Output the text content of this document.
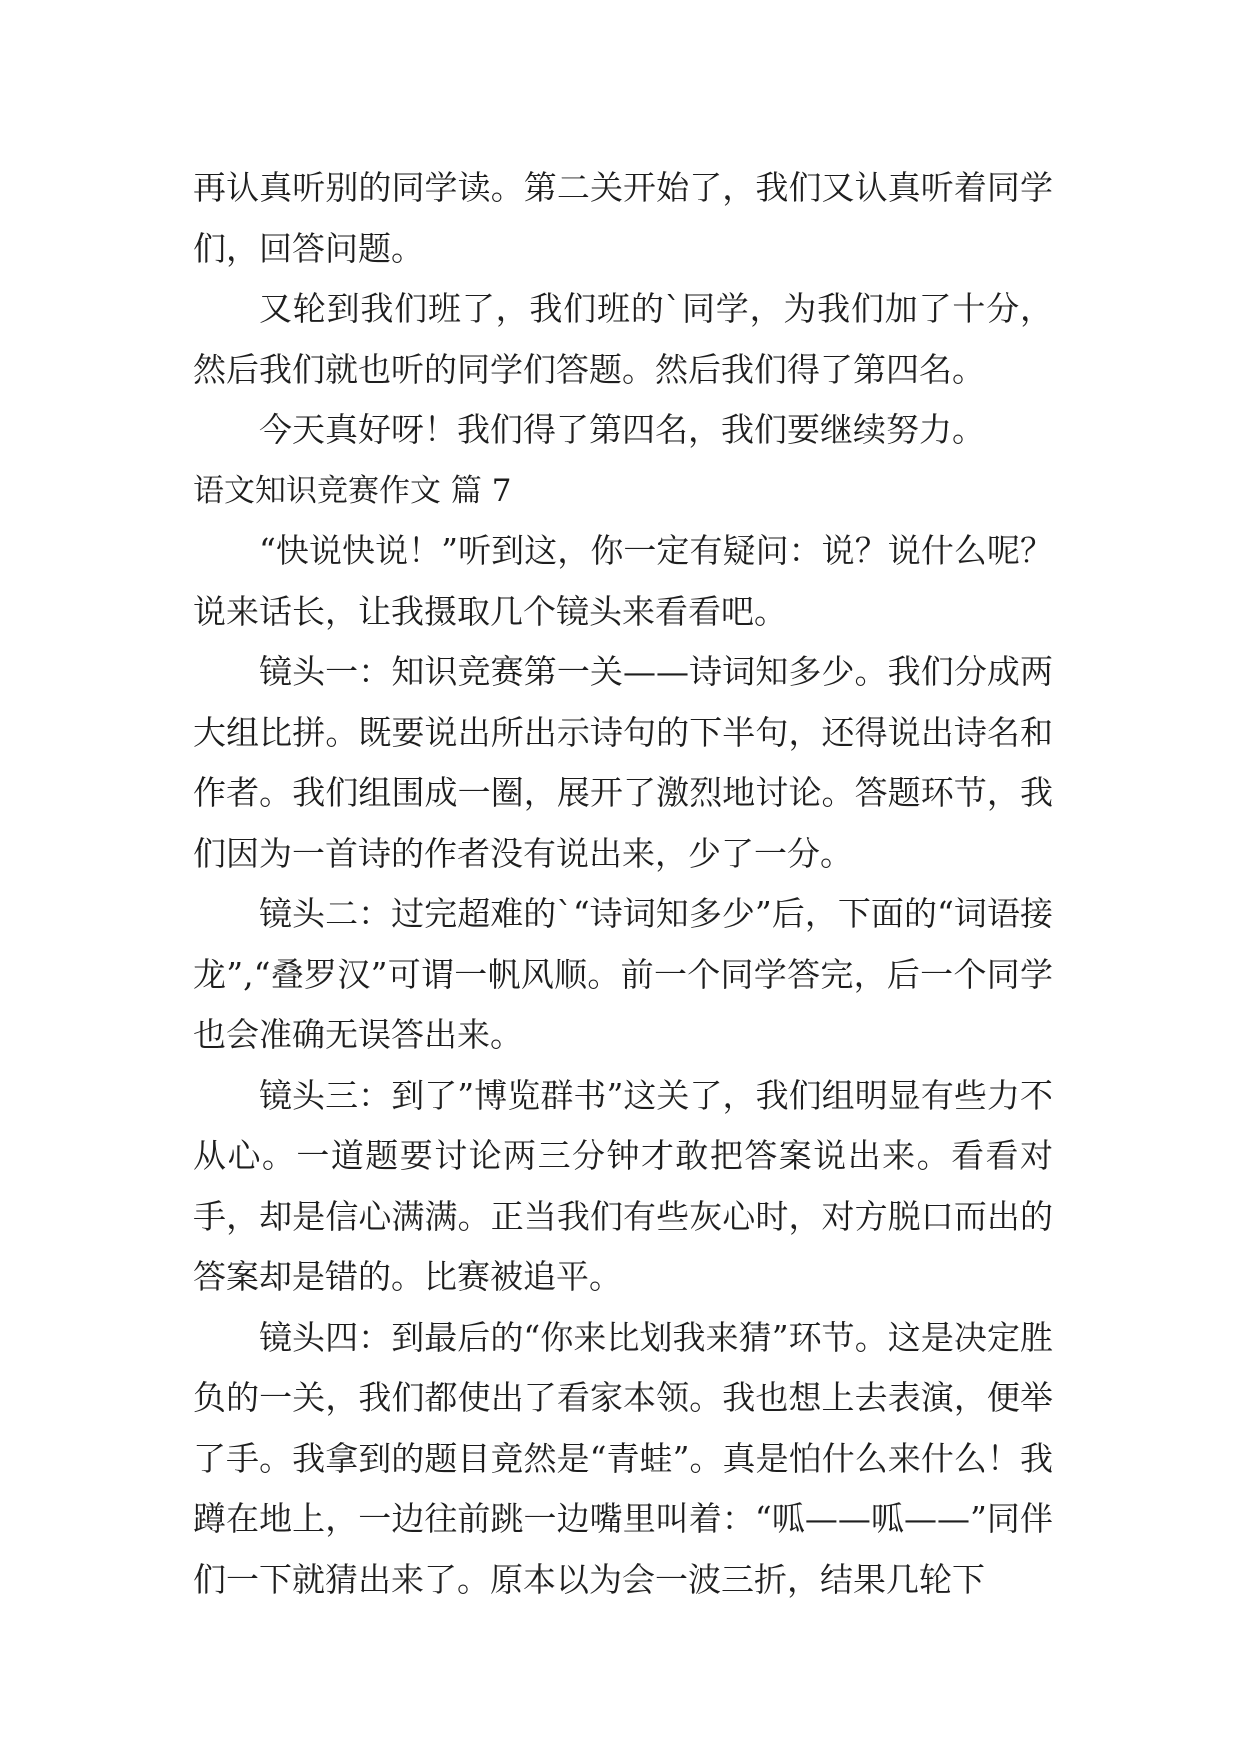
再认真听别的同学读。第二关开始了，我们又认真听着同学们，回答问题。

又轮到我们班了，我们班的`同学，为我们加了十分，然后我们就也听的同学们答题。然后我们得了第四名。

今天真好呀！我们得了第四名，我们要继续努力。

语文知识竞赛作文 篇 7

“快说快说！”听到这，你一定有疑问：说？说什么呢？说来话长，让我摄取几个镜头来看看吧。

镜头一：知识竞赛第一关——诗词知多少。我们分成两大组比拼。既要说出所出示诗句的下半句，还得说出诗名和作者。我们组围成一圈，展开了激烈地讨论。答题环节，我们因为一首诗的作者没有说出来，少了一分。

镜头二：过完超难的`“诗词知多少”后，下面的“词语接龙”,“叠罗汉”可谓一帆风顺。前一个同学答完，后一个同学也会准确无误答出来。

镜头三：到了”博览群书”这关了，我们组明显有些力不从心。一道题要讨论两三分钟才敢把答案说出来。看看对手，却是信心满满。正当我们有些灰心时，对方脱口而出的答案却是错的。比赛被追平。

镜头四：到最后的“你来比划我来猜”环节。这是决定胜负的一关，我们都使出了看家本领。我也想上去表演，便举了手。我拿到的题目竟然是“青蛙”。真是怕什么来什么！我蹲在地上，一边往前跳一边嘴里叫着：“呱——呱——”同伴们一下就猜出来了。原本以为会一波三折，结果几轮下
